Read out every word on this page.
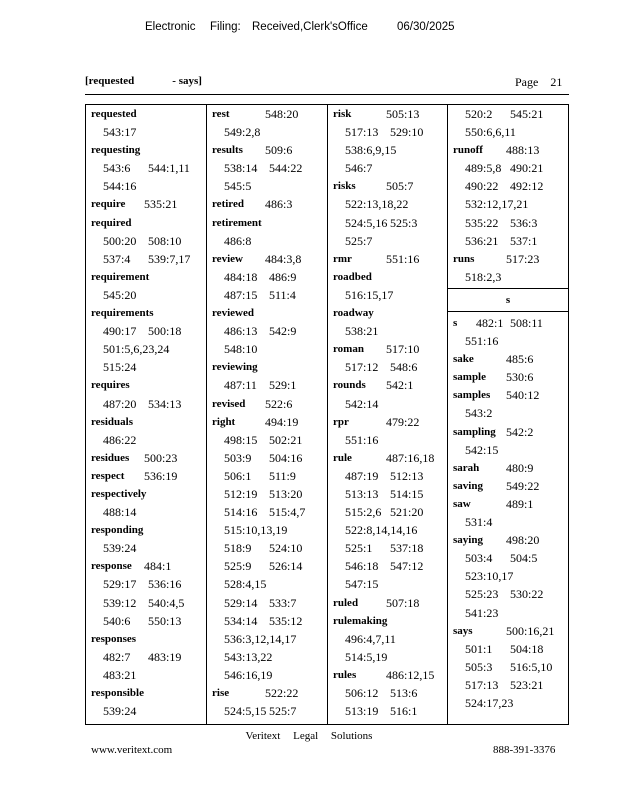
Electronic Filing: Received,Clerk'sOffice	06/30/2025
[requested	- says]	Page 21
requested
543:17
requesting
543:6 544:1,11
544:16
require 535:21
required
500:20 508:10
537:4 539:7,17
requirement
545:20
requirements
490:17 500:18
501:5,6,23,24
515:24
requires
487:20 534:13
residuals
486:22
residues 500:23
respect 536:19
respectively
488:14
responding
539:24
response 484:1
529:17 536:16
539:12 540:4,5
540:6 550:13
responses
482:7 483:19
483:21
responsible
539:24
rest	548:20
549:2,8
results 509:6
538:14 544:22
545:5
retired 486:3
retirement
486:8
review 484:3,8
484:18 486:9
487:15 511:4
reviewed
486:13 542:9
548:10
reviewing
487:11 529:1
revised 522:6
right 494:19
498:15 502:21
503:9 504:16
506:1 511:9
512:19 513:20
514:16 515:4,7
515:10,13,19
518:9 524:10
525:9 526:14
528:4,15
529:14 533:7
534:14 535:12
536:3,12,14,17
543:13,22
546:16,19
rise	522:22
524:5,15 525:7
risk	505:13
517:13 529:10
538:6,9,15
546:7
risks	505:7
522:13,18,22
524:5,16 525:3
525:7
rmr	551:16
roadbed
516:15,17
roadway
538:21
roman 517:10
517:12 548:6
rounds 542:1
542:14
rpr	479:22
551:16
rule	487:16,18
487:19 512:13
513:13 514:15
515:2,6 521:20
522:8,14,14,16
525:1 537:18
546:18 547:12
547:15
ruled 507:18
rulemaking
496:4,7,11
514:5,19
rules 486:12,15
506:12 513:6
513:19 516:1
520:2 545:21
550:6,6,11
runoff 488:13
489:5,8 490:21
490:22 492:12
532:12,17,21
535:22 536:3
536:21 537:1
runs	517:23
518:2,3
s
s 482:1 508:11
551:16
sake	485:6
sample 530:6
samples 540:12
543:2
sampling 542:2
542:15
sarah 480:9
saving 549:22
saw	489:1
531:4
saying 498:20
503:4 504:5
523:10,17
525:23 530:22
541:23
says	500:16,21
501:1 504:18
505:3 516:5,10
517:13 523:21
524:17,23
Veritext Legal Solutions
www.veritext.com	888-391-3376
